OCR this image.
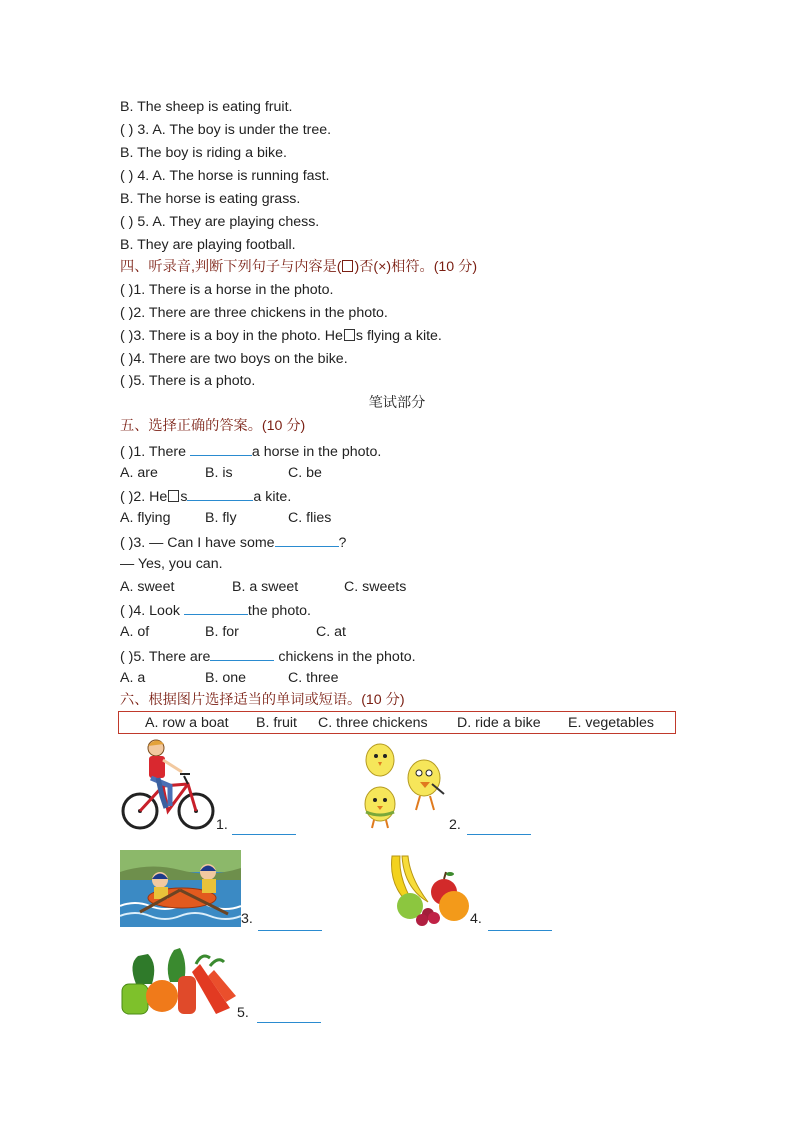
B. The sheep is eating fruit.
( ) 3. A. The boy is under the tree.
B. The boy is riding a bike.
( ) 4. A. The horse is running fast.
B. The horse is eating grass.
( ) 5. A. They are playing chess.
B. They are playing football.
四、听录音,判断下列句子与内容是( )否(×)相符。(10 分)
( )1. There is a horse in the photo.
( )2. There are three chickens in the photo.
( )3. There is a boy in the photo. He s flying a kite.
( )4. There are two boys on the bike.
( )5. There is a photo.
笔试部分
五、选择正确的答案。(10 分)
( )1. There	a horse in the photo.
A. are	B. is	C. be
( )2. He s	a kite.
A. flying B. fly	C. flies
( )3. — Can I have some	?
— Yes, you can.
A. sweet	B. a sweet	C. sweets
( )4. Look	the photo.
A. of	B. for	C. at
( )5. There are	chickens in the photo.
A. a	B. one	C. three
六、根据图片选择适当的单词或短语。(10 分)
A. row a boat B. fruit C. three chickens D. ride a bike E. vegetables
1.	2.
3.	4.
5.
